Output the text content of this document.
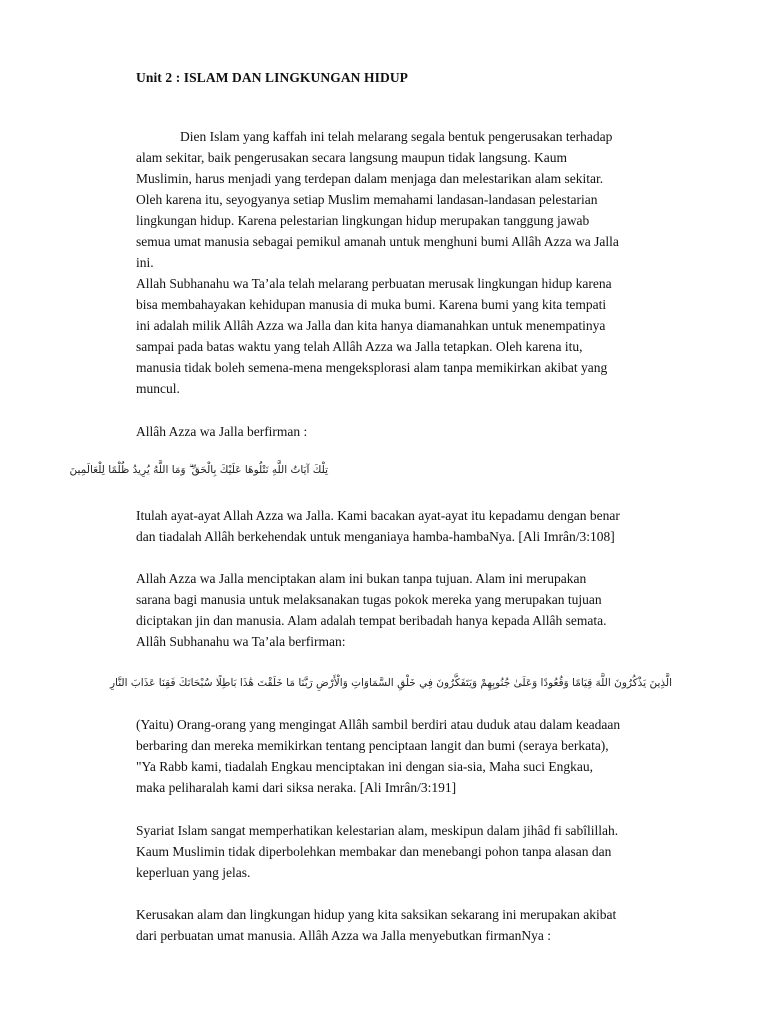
Unit 2 : ISLAM DAN LINGKUNGAN HIDUP
Dien Islam yang kaffah ini telah melarang segala bentuk pengerusakan terhadap
alam sekitar, baik pengerusakan secara langsung maupun tidak langsung. Kaum
Muslimin, harus menjadi yang terdepan dalam menjaga dan melestarikan alam sekitar.
Oleh karena itu, seyogyanya setiap Muslim memahami landasan-landasan pelestarian
lingkungan hidup. Karena pelestarian lingkungan hidup merupakan tanggung jawab
semua umat manusia sebagai pemikul amanah untuk menghuni bumi Allâh Azza wa Jalla
ini.
Allah Subhanahu wa Ta’ala telah melarang perbuatan merusak lingkungan hidup karena
bisa membahayakan kehidupan manusia di muka bumi. Karena bumi yang kita tempati
ini adalah milik Allâh Azza wa Jalla dan kita hanya diamanahkan untuk menempatinya
sampai pada batas waktu yang telah Allâh Azza wa Jalla tetapkan. Oleh karena itu,
manusia tidak boleh semena-mena mengeksplorasi alam tanpa memikirkan akibat yang
muncul.
Allâh Azza wa Jalla berfirman :
تِلْكَ آيَاتُ اللَّهِ نَتْلُوهَا عَلَيْكَ بِالْحَقِّ ۗ وَمَا اللَّهُ يُرِيدُ ظُلْمًا لِلْعَالَمِينَ
Itulah ayat-ayat Allah Azza wa Jalla. Kami bacakan ayat-ayat itu kepadamu dengan benar
dan tiadalah Allâh berkehendak untuk menganiaya hamba-hambaNya. [Ali Imrân/3:108]
Allah Azza wa Jalla menciptakan alam ini bukan tanpa tujuan. Alam ini merupakan
sarana bagi manusia untuk melaksanakan tugas pokok mereka yang merupakan tujuan
diciptakan jin dan manusia. Alam adalah tempat beribadah hanya kepada Allâh semata.
Allâh Subhanahu wa Ta’ala berfirman:
الَّذِينَ يَذْكُرُونَ اللَّهَ قِيَامًا وَقُعُودًا وَعَلَىٰ جُنُوبِهِمْ وَيَتَفَكَّرُونَ فِي خَلْقِ السَّمَاوَاتِ وَالْأَرْضِ رَبَّنَا مَا خَلَقْتَ هَٰذَا بَاطِلًا سُبْحَانَكَ فَقِنَا عَذَابَ النَّارِ
(Yaitu) Orang-orang yang mengingat Allâh sambil berdiri atau duduk atau dalam keadaan
berbaring dan mereka memikirkan tentang penciptaan langit dan bumi (seraya berkata),
"Ya Rabb kami, tiadalah Engkau menciptakan ini dengan sia-sia, Maha suci Engkau,
maka peliharalah kami dari siksa neraka. [Ali Imrân/3:191]
Syariat Islam sangat memperhatikan kelestarian alam, meskipun dalam jihâd fi sabîlillah.
Kaum Muslimin tidak diperbolehkan membakar dan menebangi pohon tanpa alasan dan
keperluan yang jelas.
Kerusakan alam dan lingkungan hidup yang kita saksikan sekarang ini merupakan akibat
dari perbuatan umat manusia. Allâh Azza wa Jalla menyebutkan firmanNya :
